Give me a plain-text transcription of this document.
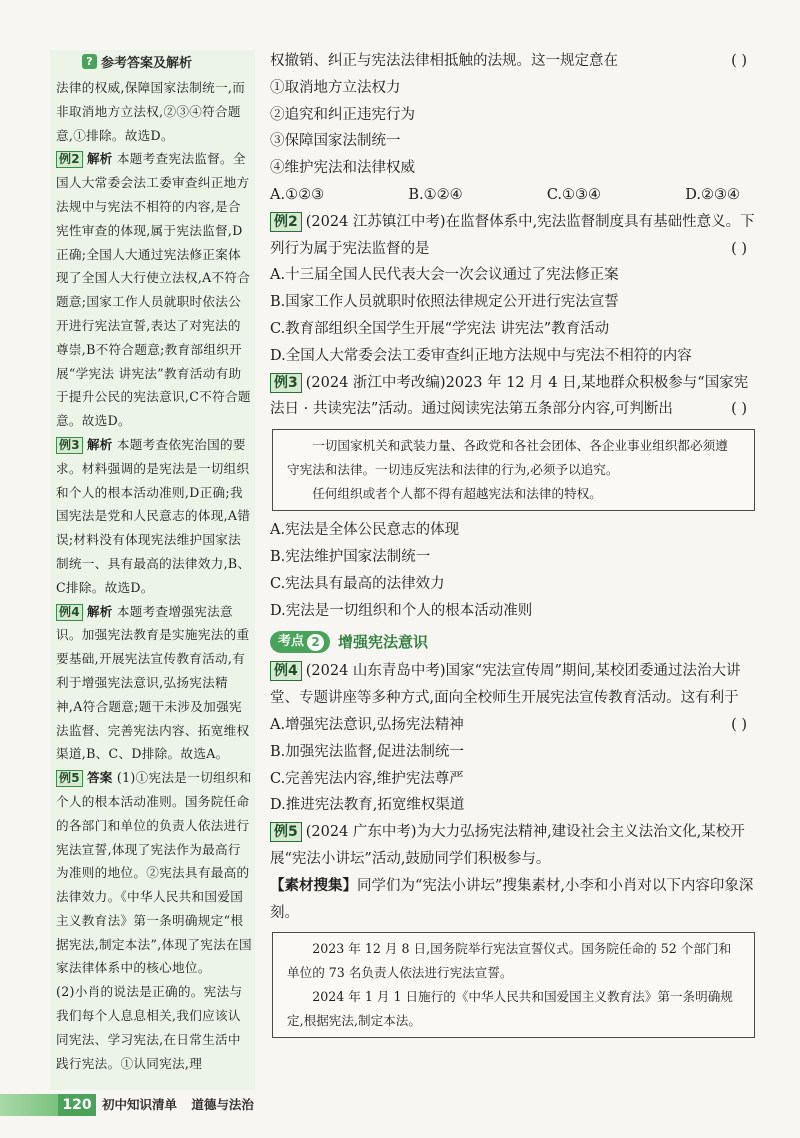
? 参考答案及解析

法律的权威,保障国家法制统一,而非取消地方立法权,②③④符合题意,①排除。故选D。

例2 解析 本题考查宪法监督。全国人大常委会法工委审查纠正地方法规中与宪法不相符的内容,是合宪性审查的体现,属于宪法监督,D正确;全国人大通过宪法修正案体现了全国人大行使立法权,A不符合题意;国家工作人员就职时依法公开进行宪法宣誓,表达了对宪法的尊崇,B不符合题意;教育部组织开展“学宪法 讲宪法”教育活动有助于提升公民的宪法意识,C不符合题意。故选D。

例3 解析 本题考查依宪治国的要求。材料强调的是宪法是一切组织和个人的根本活动准则,D正确;我国宪法是党和人民意志的体现,A错误;材料没有体现宪法维护国家法制统一、具有最高的法律效力,B、C排除。故选D。

例4 解析 本题考查增强宪法意识。加强宪法教育是实施宪法的重要基础,开展宪法宣传教育活动,有利于增强宪法意识,弘扬宪法精神,A符合题意;题干未涉及加强宪法监督、完善宪法内容、拓宽维权渠道,B、C、D排除。故选A。

例5 答案 (1)①宪法是一切组织和个人的根本活动准则。国务院任命的各部门和单位的负责人依法进行宪法宣誓,体现了宪法作为最高行为准则的地位。②宪法具有最高的法律效力。《中华人民共和国爱国主义教育法》第一条明确规定“根据宪法,制定本法”,体现了宪法在国家法律体系中的核心地位。

(2)小肖的说法是正确的。宪法与我们每个人息息相关,我们应该认同宪法、学习宪法,在日常生活中践行宪法。①认同宪法,理

权撤销、纠正与宪法法律相抵触的法规。这一规定意在	( )

①取消地方立法权力

②追究和纠正违宪行为

③保障国家法制统一

④维护宪法和法律权威

A.①②③	B.①②④	C.①③④	D.②③④

例2 (2024 江苏镇江中考)在监督体系中,宪法监督制度具有基础性意义。下列行为属于宪法监督的是	( )

A.十三届全国人民代表大会一次会议通过了宪法修正案

B.国家工作人员就职时依照法律规定公开进行宪法宣誓

C.教育部组织全国学生开展“学宪法 讲宪法”教育活动

D.全国人大常委会法工委审查纠正地方法规中与宪法不相符的内容

例3 (2024 浙江中考改编)2023 年 12 月 4 日,某地群众积极参与“国家宪法日 · 共读宪法”活动。通过阅读宪法第五条部分内容,可判断出	( )

一切国家机关和武装力量、各政党和各社会团体、各企业事业组织都必须遵守宪法和法律。一切违反宪法和法律的行为,必须予以追究。

任何组织或者个人都不得有超越宪法和法律的特权。

A.宪法是全体公民意志的体现

B.宪法维护国家法制统一

C.宪法具有最高的法律效力

D.宪法是一切组织和个人的根本活动准则

考点 2 增强宪法意识

例4 (2024 山东青岛中考)国家“宪法宣传周”期间,某校团委通过法治大讲堂、专题讲座等多种方式,面向全校师生开展宪法宣传教育活动。这有利于
( )

A.增强宪法意识,弘扬宪法精神

B.加强宪法监督,促进法制统一

C.完善宪法内容,维护宪法尊严

D.推进宪法教育,拓宽维权渠道

例5 (2024 广东中考)为大力弘扬宪法精神,建设社会主义法治文化,某校开展“宪法小讲坛”活动,鼓励同学们积极参与。

【素材搜集】同学们为“宪法小讲坛”搜集素材,小李和小肖对以下内容印象深刻。

2023 年 12 月 8 日,国务院举行宪法宣誓仪式。国务院任命的 52 个部门和单位的 73 名负责人依法进行宪法宣誓。

2024 年 1 月 1 日施行的《中华人民共和国爱国主义教育法》第一条明确规定,根据宪法,制定本法。

120 初中知识清单 道德与法治
